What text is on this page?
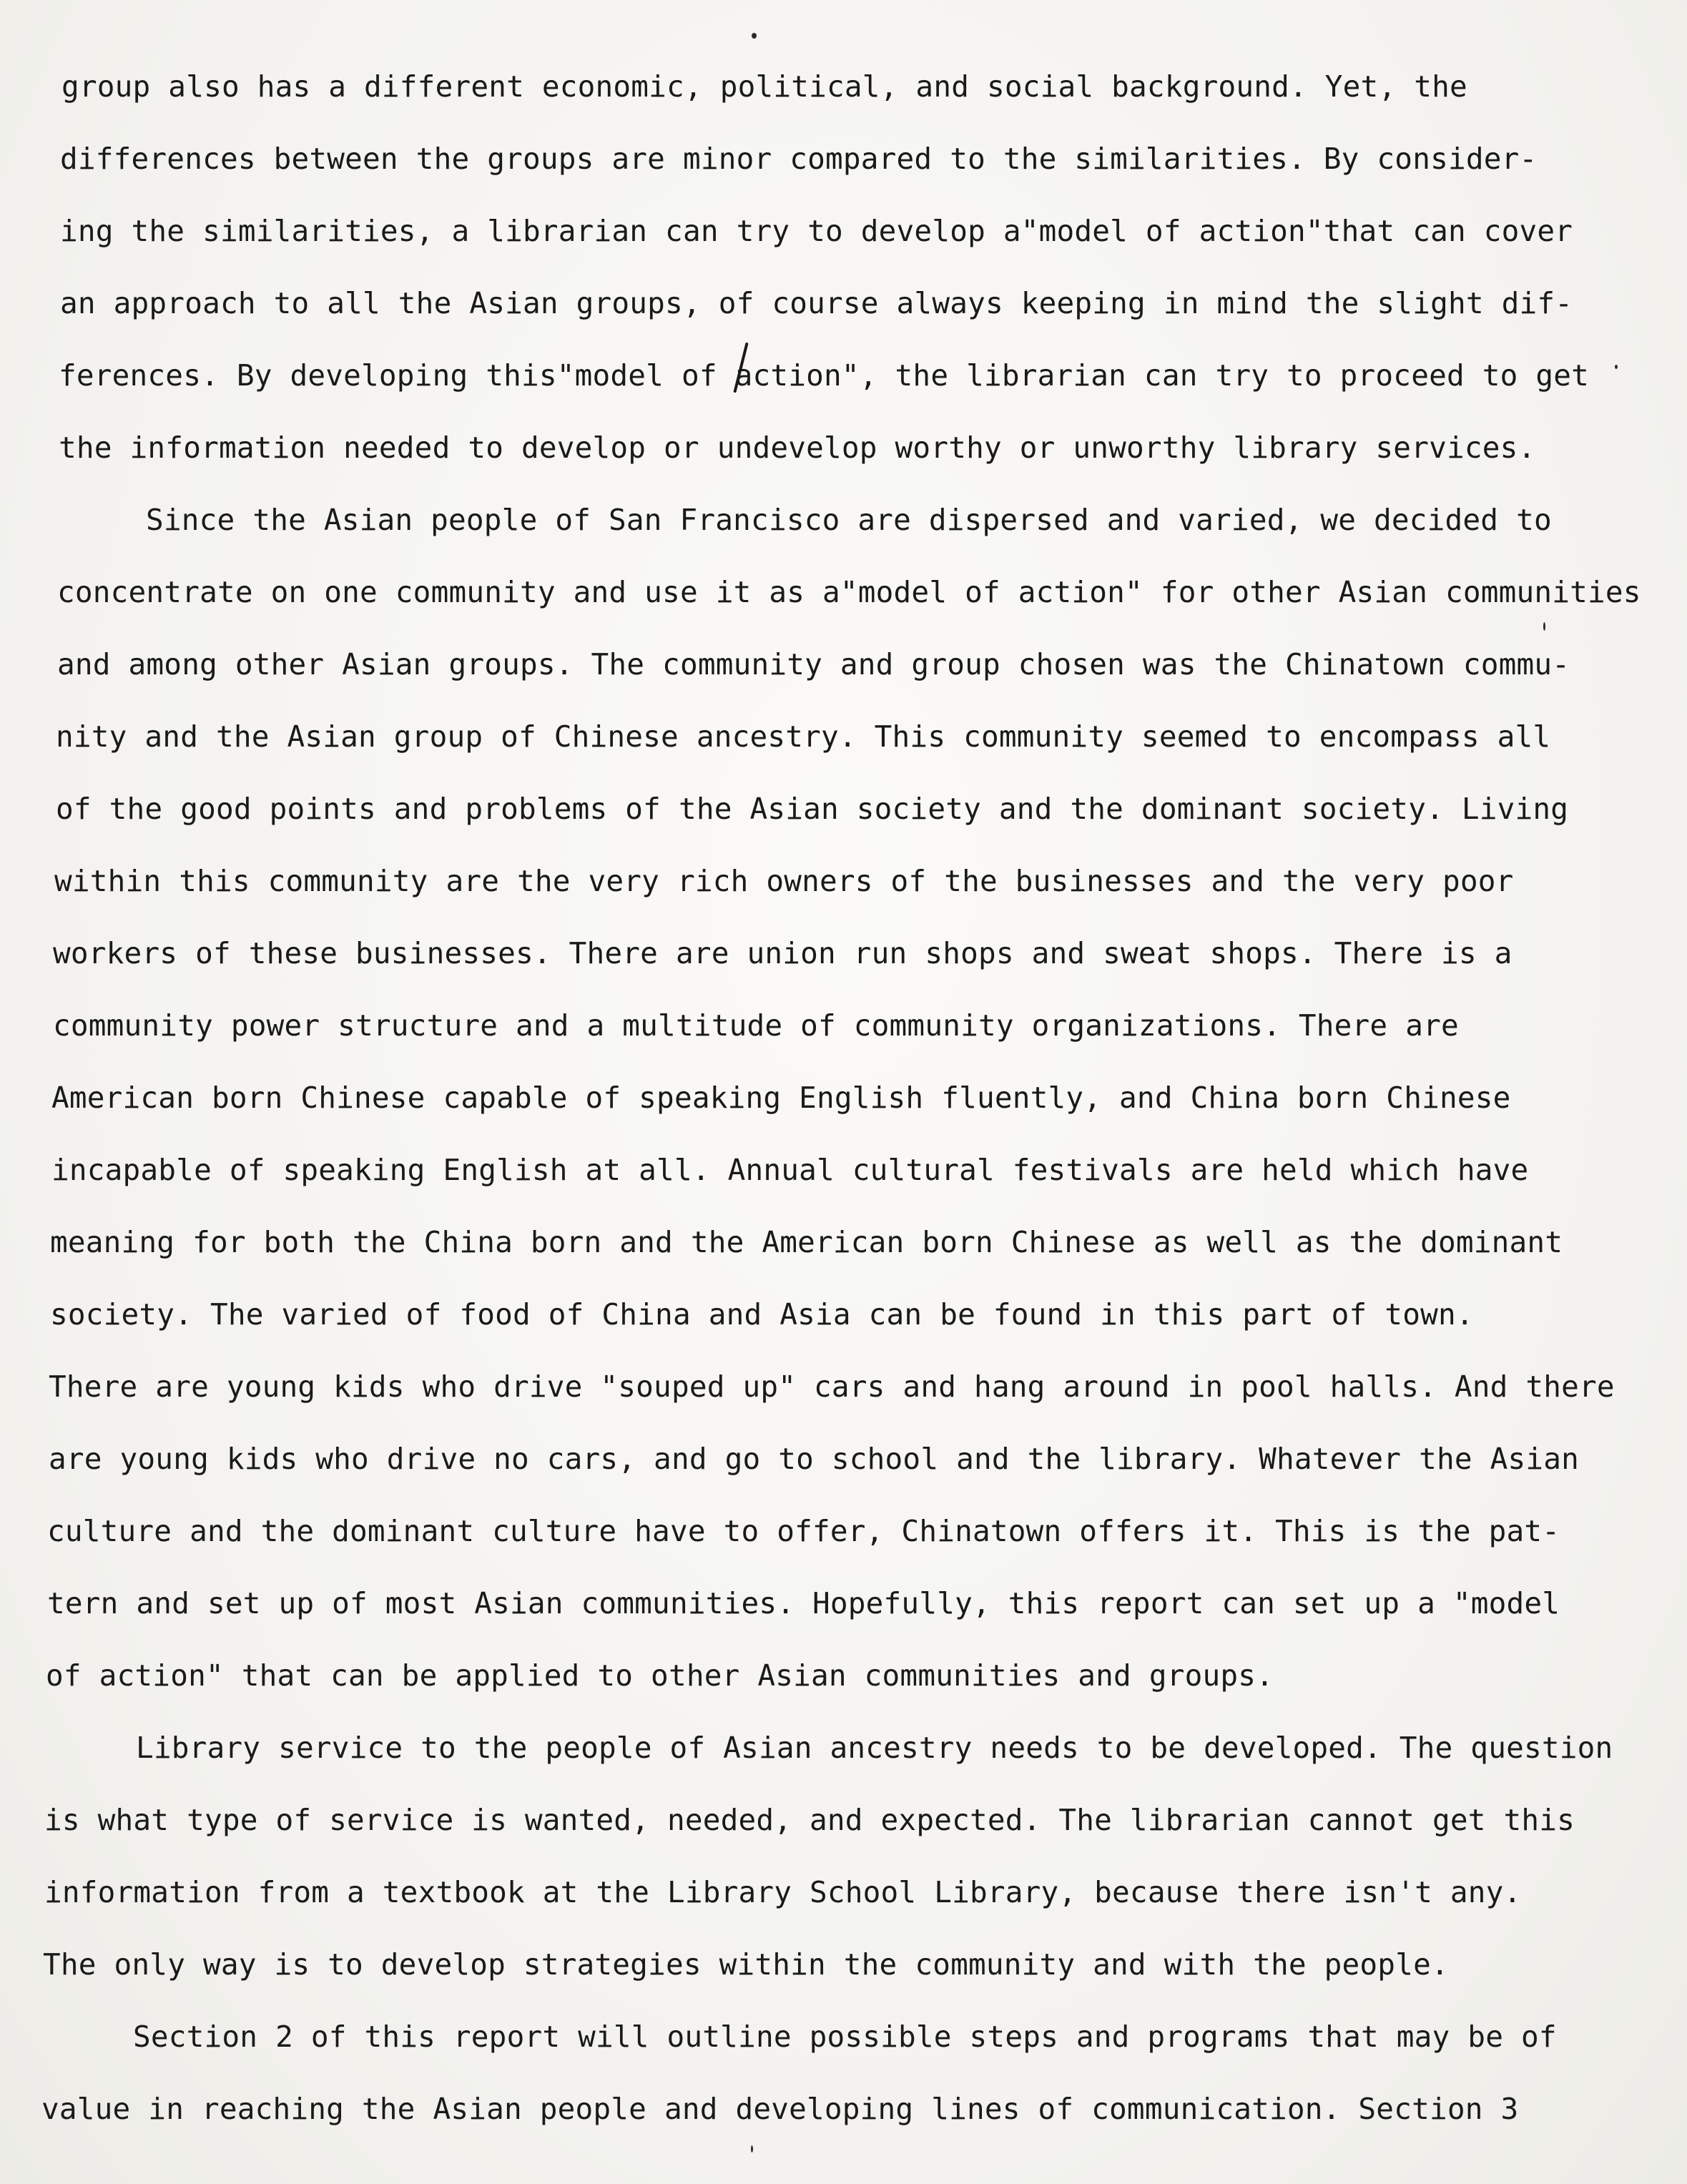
group also has a different economic, political, and social background. Yet, the
differences between the groups are minor compared to the similarities. By consider-
ing the similarities, a librarian can try to develop a"model of action"that can cover
an approach to all the Asian groups, of course always keeping in mind the slight dif-
ferences. By developing this"model of action", the librarian can try to proceed to get
the information needed to develop or undevelop worthy or unworthy library services.
Since the Asian people of San Francisco are dispersed and varied, we decided to
concentrate on one community and use it as a"model of action" for other Asian communities
and among other Asian groups. The community and group chosen was the Chinatown commu-
nity and the Asian group of Chinese ancestry. This community seemed to encompass all
of the good points and problems of the Asian society and the dominant society. Living
within this community are the very rich owners of the businesses and the very poor
workers of these businesses. There are union run shops and sweat shops. There is a
community power structure and a multitude of community organizations. There are
American born Chinese capable of speaking English fluently, and China born Chinese
incapable of speaking English at all. Annual cultural festivals are held which have
meaning for both the China born and the American born Chinese as well as the dominant
society. The varied of food of China and Asia can be found in this part of town.
There are young kids who drive "souped up" cars and hang around in pool halls. And there
are young kids who drive no cars, and go to school and the library. Whatever the Asian
culture and the dominant culture have to offer, Chinatown offers it. This is the pat-
tern and set up of most Asian communities. Hopefully, this report can set up a "model
of action" that can be applied to other Asian communities and groups.
Library service to the people of Asian ancestry needs to be developed. The question
is what type of service is wanted, needed, and expected. The librarian cannot get this
information from a textbook at the Library School Library, because there isn't any.
The only way is to develop strategies within the community and with the people.
Section 2 of this report will outline possible steps and programs that may be of
value in reaching the Asian people and developing lines of communication. Section 3
